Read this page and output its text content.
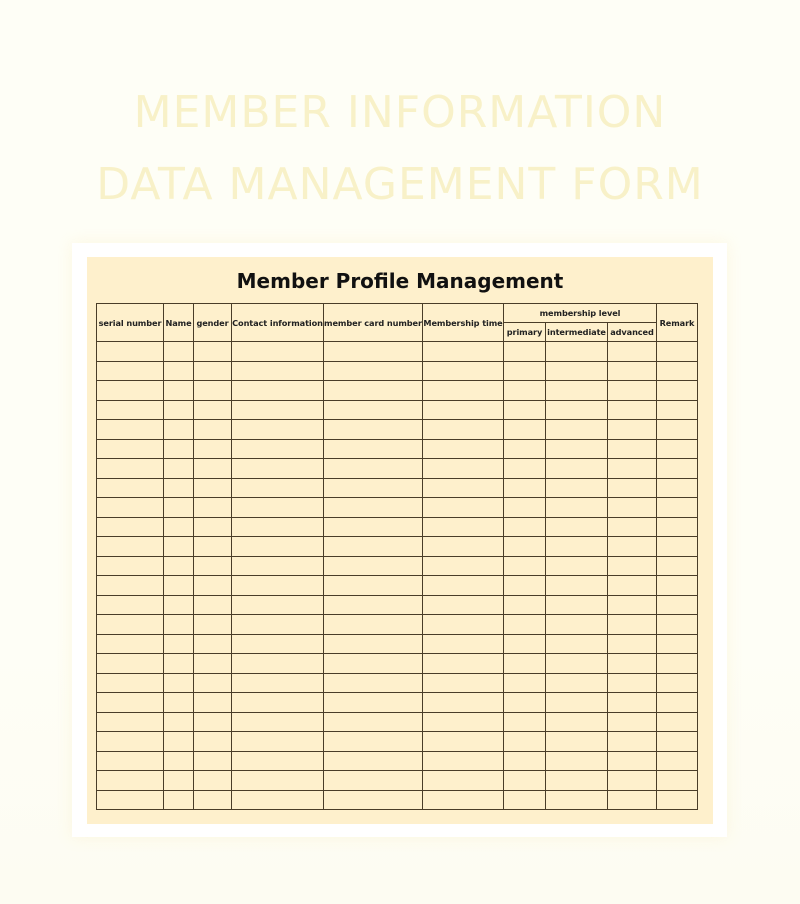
MEMBER INFORMATION
DATA MANAGEMENT FORM
Member Profile Management
serial number	Name	gender	Contact information	member card number	Membership time	membership level			Remark
						primary	intermediate	advanced	
